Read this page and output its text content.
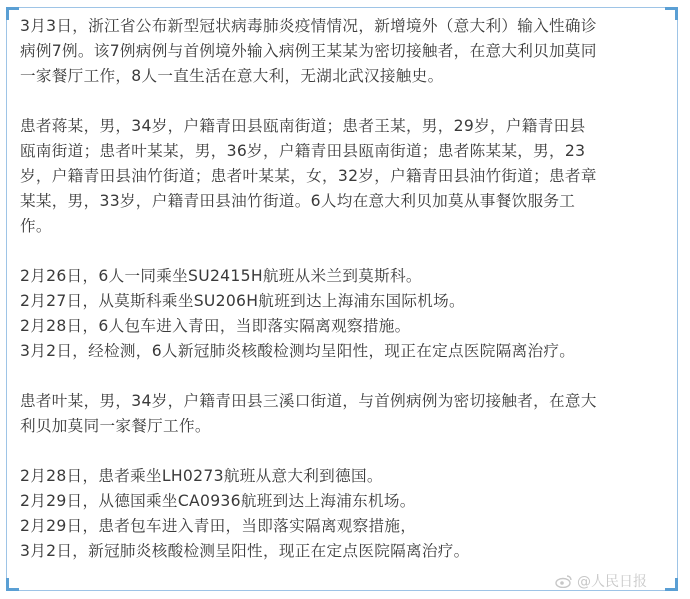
3月3日，浙江省公布新型冠状病毒肺炎疫情情况，新增境外（意大利）输入性确诊
病例7例。该7例病例与首例境外输入病例王某某为密切接触者，在意大利贝加莫同
一家餐厅工作，8人一直生活在意大利，无湖北武汉接触史。

患者蒋某，男，34岁，户籍青田县瓯南街道；患者王某，男，29岁，户籍青田县
瓯南街道；患者叶某某，男，36岁，户籍青田县瓯南街道；患者陈某某，男，23
岁，户籍青田县油竹街道；患者叶某某，女，32岁，户籍青田县油竹街道；患者章
某某，男，33岁，户籍青田县油竹街道。6人均在意大利贝加莫从事餐饮服务工
作。

2月26日，6人一同乘坐SU2415H航班从米兰到莫斯科。
2月27日，从莫斯科乘坐SU206H航班到达上海浦东国际机场。
2月28日，6人包车进入青田，当即落实隔离观察措施。
3月2日，经检测，6人新冠肺炎核酸检测均呈阳性，现正在定点医院隔离治疗。

患者叶某，男，34岁，户籍青田县三溪口街道，与首例病例为密切接触者，在意大
利贝加莫同一家餐厅工作。

2月28日，患者乘坐LH0273航班从意大利到德国。
2月29日，从德国乘坐CA0936航班到达上海浦东机场。
2月29日，患者包车进入青田，当即落实隔离观察措施，
3月2日，新冠肺炎核酸检测呈阳性，现正在定点医院隔离治疗。

@人民日报
